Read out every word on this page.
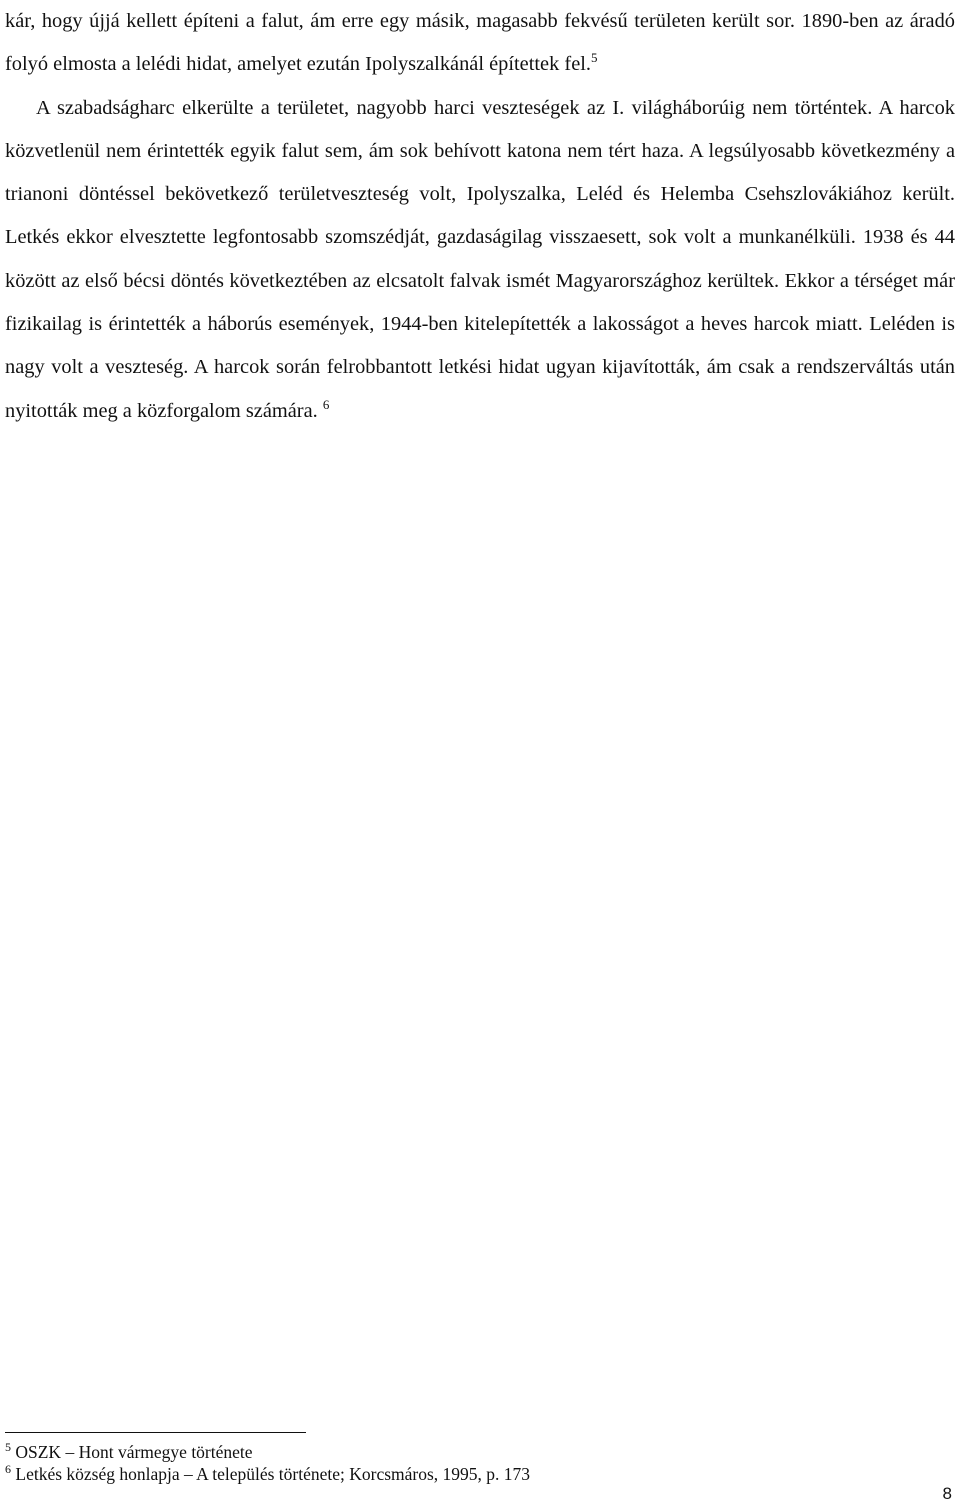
kár, hogy újjá kellett építeni a falut, ám erre egy másik, magasabb fekvésű területen került sor. 1890-ben az áradó folyó elmosta a lelédi hidat, amelyet ezután Ipolyszalkánál építettek fel.$^5$

A szabadságharc elkerülte a területet, nagyobb harci veszteségek az I. világháborúig nem történtek. A harcok közvetlenül nem érintették egyik falut sem, ám sok behívott katona nem tért haza. A legsúlyosabb következmény a trianoni döntéssel bekövetkező területveszteség volt, Ipolyszalka, Leléd és Helemba Csehszlovákiához került. Letkés ekkor elvesztette legfontosabb szomszédját, gazdaságilag visszaesett, sok volt a munkanélküli. 1938 és 44 között az első bécsi döntés következtében az elcsatolt falvak ismét Magyarországhoz kerültek. Ekkor a térséget már fizikailag is érintették a háborús események, 1944-ben kitelepítették a lakosságot a heves harcok miatt. Leléden is nagy volt a veszteség. A harcok során felrobbantott letkési hidat ugyan kijavították, ám csak a rendszerváltás után nyitották meg a közforgalom számára. $^6$

$^5$ OSZK – Hont vármegye története
$^6$ Letkés község honlapja – A település története; Korcsmáros, 1995, p. 173
8
